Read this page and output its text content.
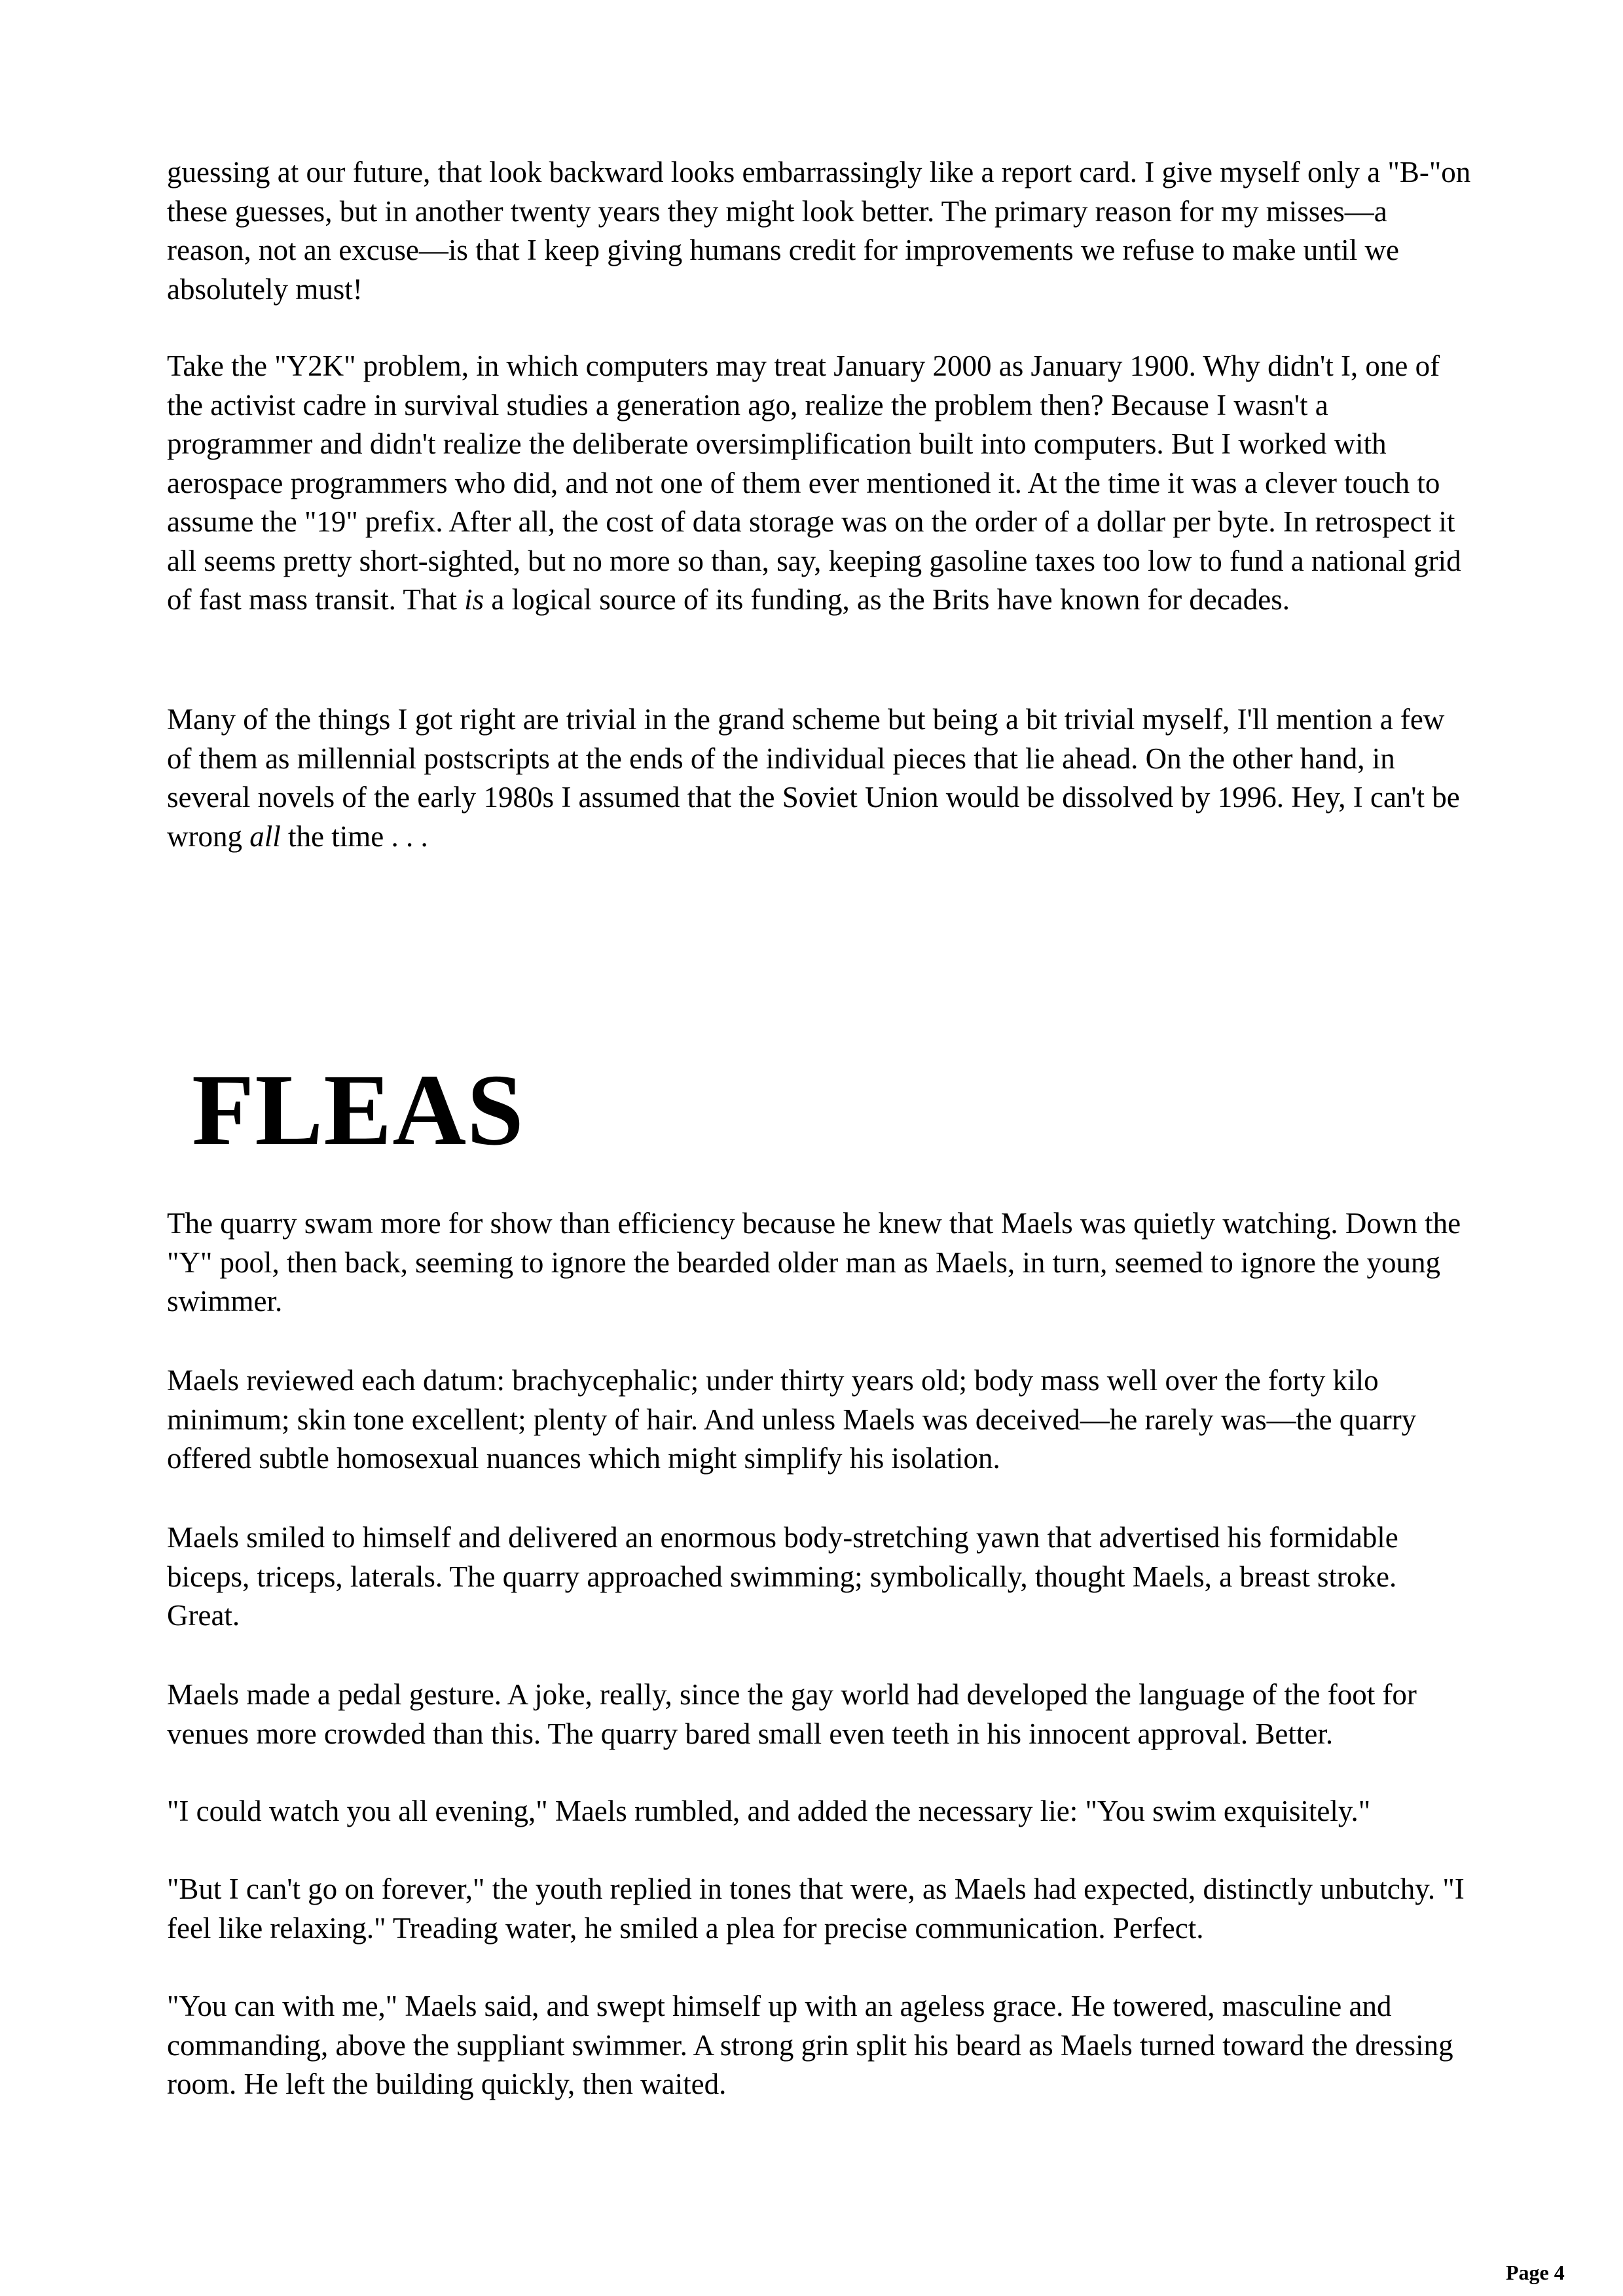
guessing at our future, that look backward looks embarrassingly like a report card. I give myself only a "B-"on these guesses, but in another twenty years they might look better. The primary reason for my misses—a reason, not an excuse—is that I keep giving humans credit for improvements we refuse to make until we absolutely must!

Take the "Y2K" problem, in which computers may treat January 2000 as January 1900. Why didn't I, one of the activist cadre in survival studies a generation ago, realize the problem then? Because I wasn't a programmer and didn't realize the deliberate oversimplification built into computers. But I worked with aerospace programmers who did, and not one of them ever mentioned it. At the time it was a clever touch to assume the "19" prefix. After all, the cost of data storage was on the order of a dollar per byte. In retrospect it all seems pretty short-sighted, but no more so than, say, keeping gasoline taxes too low to fund a national grid of fast mass transit. That is a logical source of its funding, as the Brits have known for decades.

Many of the things I got right are trivial in the grand scheme but being a bit trivial myself, I'll mention a few of them as millennial postscripts at the ends of the individual pieces that lie ahead. On the other hand, in several novels of the early 1980s I assumed that the Soviet Union would be dissolved by 1996. Hey, I can't be wrong all the time . . .

FLEAS

The quarry swam more for show than efficiency because he knew that Maels was quietly watching. Down the "Y" pool, then back, seeming to ignore the bearded older man as Maels, in turn, seemed to ignore the young swimmer.

Maels reviewed each datum: brachycephalic; under thirty years old; body mass well over the forty kilo minimum; skin tone excellent; plenty of hair. And unless Maels was deceived—he rarely was—the quarry offered subtle homosexual nuances which might simplify his isolation.

Maels smiled to himself and delivered an enormous body-stretching yawn that advertised his formidable biceps, triceps, laterals. The quarry approached swimming; symbolically, thought Maels, a breast stroke. Great.

Maels made a pedal gesture. A joke, really, since the gay world had developed the language of the foot for venues more crowded than this. The quarry bared small even teeth in his innocent approval. Better.

"I could watch you all evening," Maels rumbled, and added the necessary lie: "You swim exquisitely."

"But I can't go on forever," the youth replied in tones that were, as Maels had expected, distinctly unbutchy. "I feel like relaxing." Treading water, he smiled a plea for precise communication. Perfect.

"You can with me," Maels said, and swept himself up with an ageless grace. He towered, masculine and commanding, above the suppliant swimmer. A strong grin split his beard as Maels turned toward the dressing room. He left the building quickly, then waited.

Page 4
